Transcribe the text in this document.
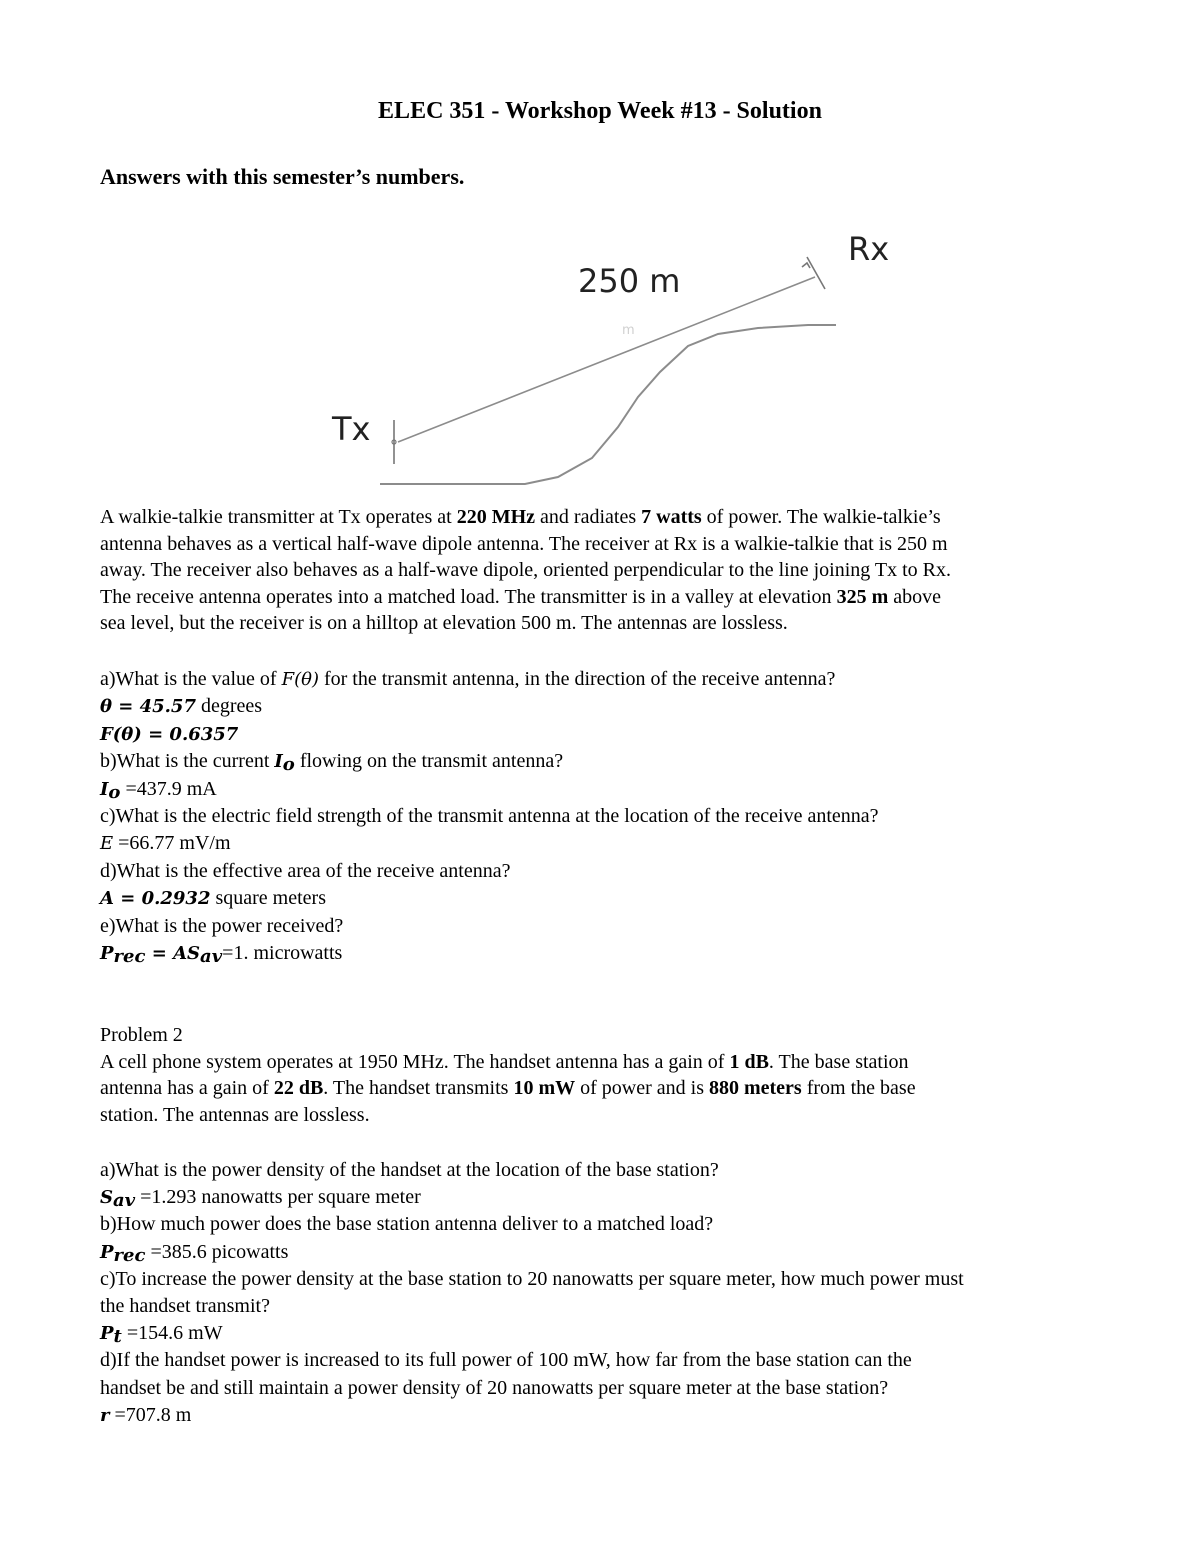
ELEC 351 - Workshop Week #13 - Solution
Answers with this semester’s numbers.
m
250 m
Tx
Rx
A walkie-talkie transmitter at Tx operates at 220 MHz and radiates 7 watts of power. The walkie-talkie’s
antenna behaves as a vertical half-wave dipole antenna. The receiver at Rx is a walkie-talkie that is 250 m
away. The receiver also behaves as a half-wave dipole, oriented perpendicular to the line joining Tx to Rx.
The receive antenna operates into a matched load. The transmitter is in a valley at elevation 325 m above
sea level, but the receiver is on a hilltop at elevation 500 m. The antennas are lossless.
a)What is the value of F(θ) for the transmit antenna, in the direction of the receive antenna?
θ = 45.57 degrees
F(θ) = 0.6357
b)What is the current $I_o$ flowing on the transmit antenna?
$I_o =437.9$ mA
c)What is the electric field strength of the transmit antenna at the location of the receive antenna?
E =66.77 mV/m
d)What is the effective area of the receive antenna?
A = 0.2932 square meters
e)What is the power received?
$P_{rec} = AS_{av}=1$. microwatts
Problem 2
A cell phone system operates at 1950 MHz. The handset antenna has a gain of 1 dB. The base station
antenna has a gain of 22 dB. The handset transmits 10 mW of power and is 880 meters from the base
station. The antennas are lossless.
a)What is the power density of the handset at the location of the base station?
$S_{av} =1.293$ nanowatts per square meter
b)How much power does the base station antenna deliver to a matched load?
$P_{rec} =385.6$ picowatts
c)To increase the power density at the base station to 20 nanowatts per square meter, how much power must
the handset transmit?
$P_t =154.6$ mW
d)If the handset power is increased to its full power of 100 mW, how far from the base station can the
handset be and still maintain a power density of 20 nanowatts per square meter at the base station?
r =707.8 m
